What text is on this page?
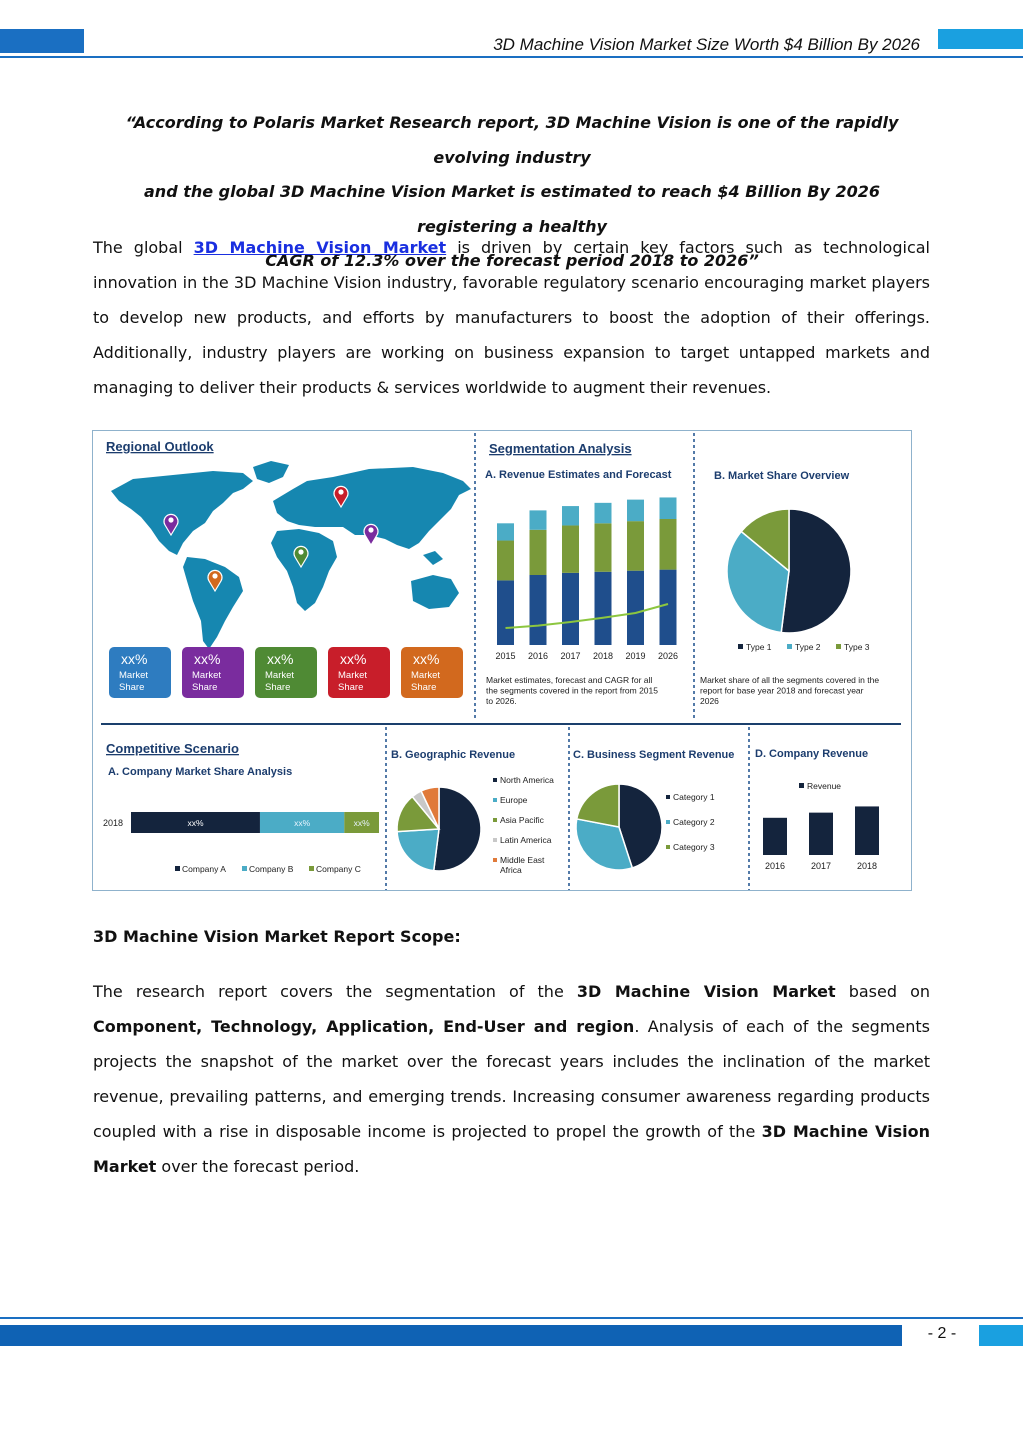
3D Machine Vision Market Size Worth $4 Billion By 2026
“According to Polaris Market Research report, 3D Machine Vision is one of the rapidly evolving industry
and the global 3D Machine Vision Market is estimated to reach $4 Billion By 2026 registering a healthy
CAGR of 12.3% over the forecast period 2018 to 2026”
The global 3D Machine Vision Market is driven by certain key factors such as technological innovation in the 3D Machine Vision industry, favorable regulatory scenario encouraging market players to develop new products, and efforts by manufacturers to boost the adoption of their offerings. Additionally, industry players are working on business expansion to target untapped markets and managing to deliver their products & services worldwide to augment their revenues.
Regional Outlook
xx%
Market
Share
xx%
Market
Share
xx%
Market
Share
xx%
Market
Share
xx%
Market
Share
Segmentation Analysis
A. Revenue Estimates and Forecast	B. Market Share Overview
2015 2016 2017 2018 2019 2026
Market estimates, forecast and CAGR for all
the segments covered in the report from 2015
to 2026.
Type 1	Type 2	Type 3
Market share of all the segments covered in the
report for base year 2018 and forecast year
2026
Competitive Scenario
A. Company Market Share Analysis
2018	xx%	xx%	xx%
Company A	Company B	Company C
B. Geographic Revenue
North America
Europe
Asia Pacific
Latin America
Middle East Africa
C. Business Segment Revenue
Category 1
Category 2
Category 3
D. Company Revenue
2016	2017	2018
Revenue
3D Machine Vision Market Report Scope:
The research report covers the segmentation of the 3D Machine Vision Market based on Component, Technology, Application, End-User and region. Analysis of each of the segments projects the snapshot of the market over the forecast years includes the inclination of the market revenue, prevailing patterns, and emerging trends. Increasing consumer awareness regarding products coupled with a rise in disposable income is projected to propel the growth of the 3D Machine Vision Market over the forecast period.
- 2 -
